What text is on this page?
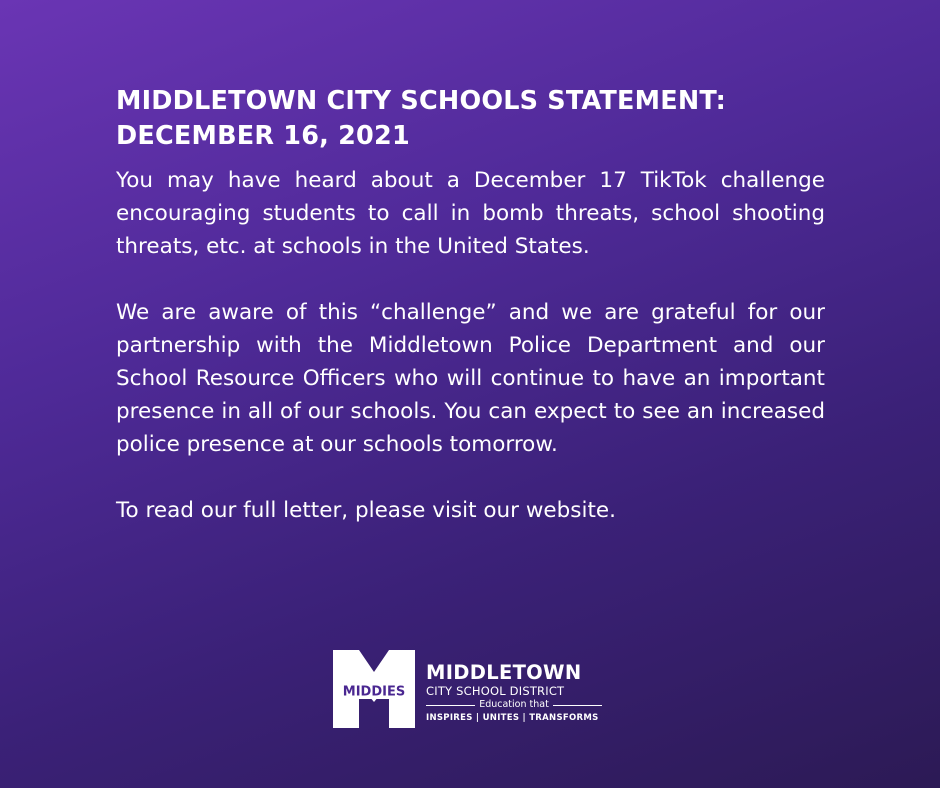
MIDDLETOWN CITY SCHOOLS STATEMENT:
DECEMBER 16, 2021

You may have heard about a December 17 TikTok challenge encouraging students to call in bomb threats, school shooting threats, etc. at schools in the United States.

We are aware of this “challenge” and we are grateful for our partnership with the Middletown Police Department and our School Resource Officers who will continue to have an important presence in all of our schools. You can expect to see an increased police presence at our schools tomorrow.

To read our full letter, please visit our website.

MIDDIES
MIDDLETOWN
CITY SCHOOL DISTRICT
Education that
INSPIRES | UNITES | TRANSFORMS
